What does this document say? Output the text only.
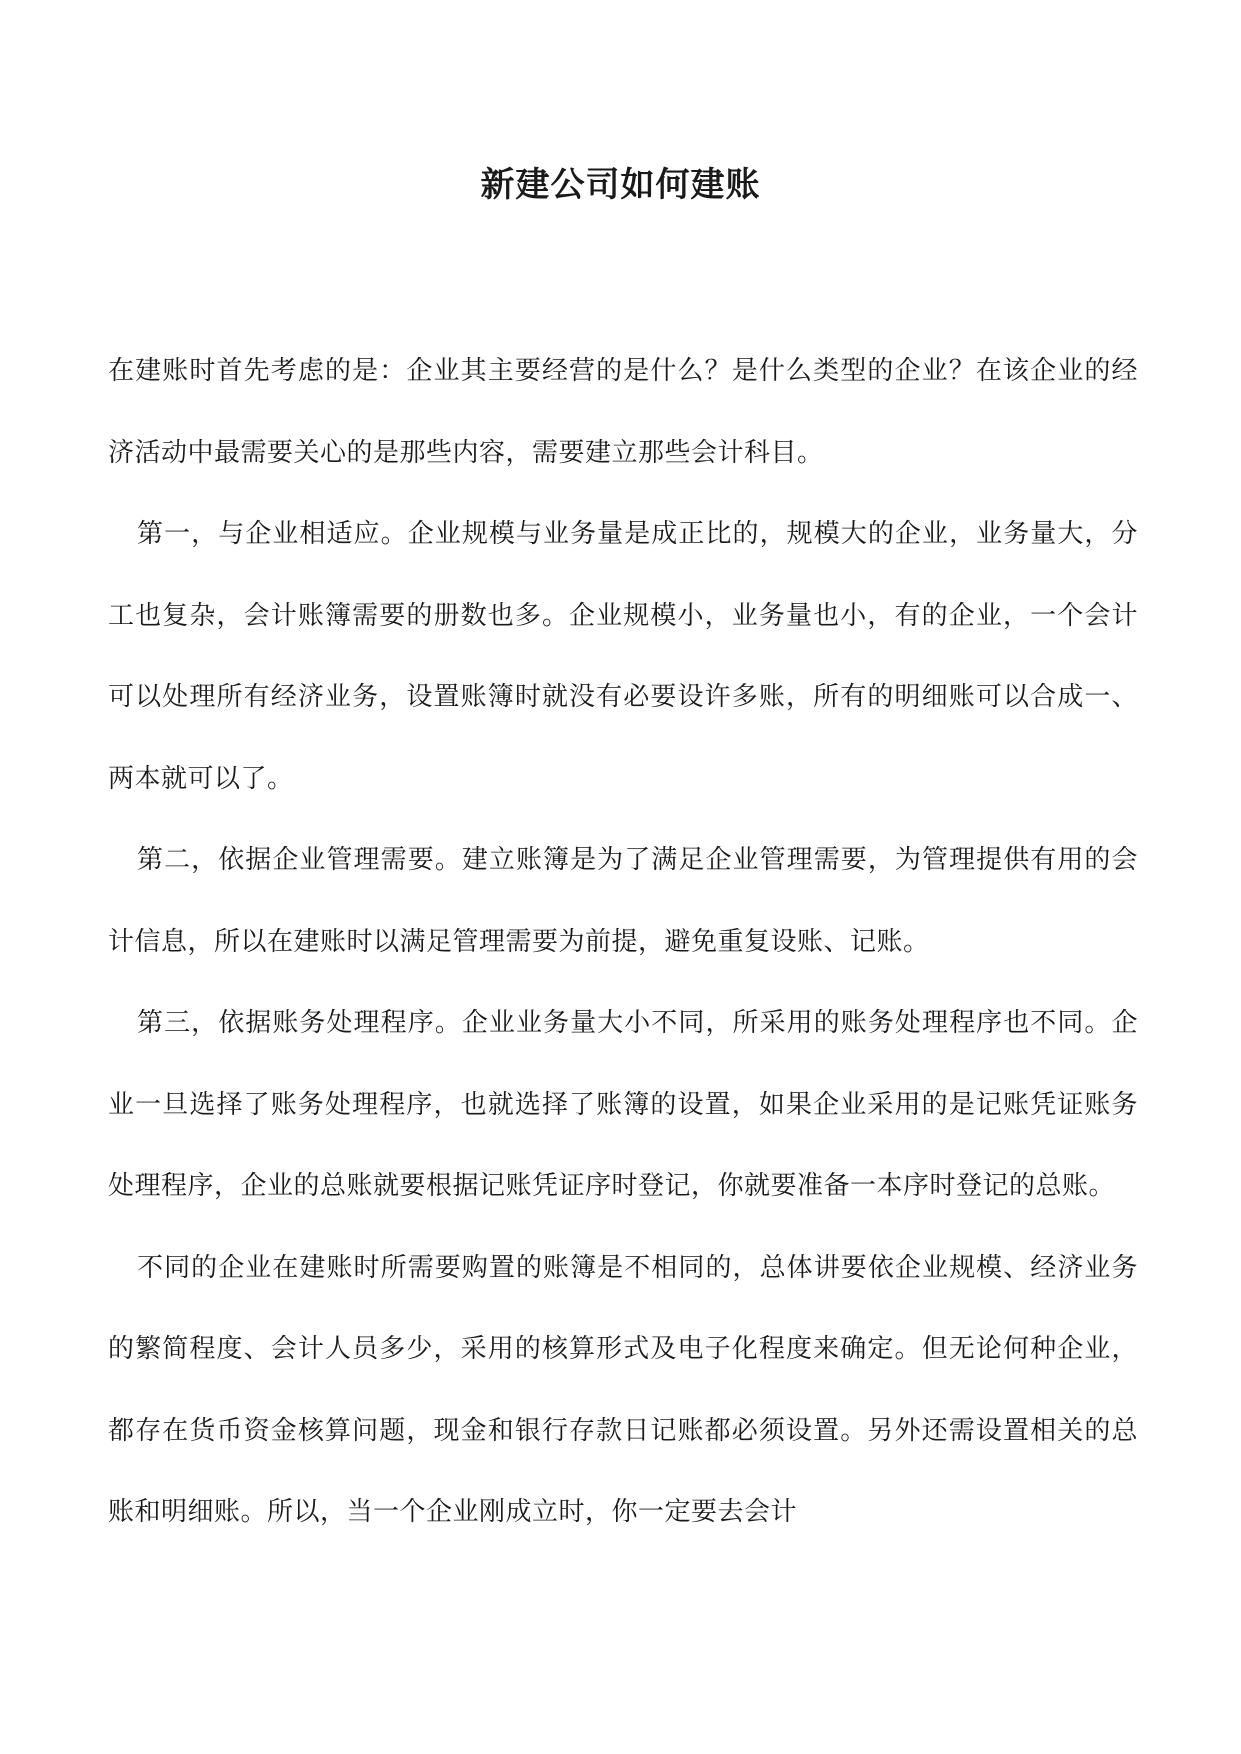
新建公司如何建账

在建账时首先考虑的是：企业其主要经营的是什么？是什么类型的企业？在该企业的经济活动中最需要关心的是那些内容，需要建立那些会计科目。

第一，与企业相适应。企业规模与业务量是成正比的，规模大的企业，业务量大，分工也复杂，会计账簿需要的册数也多。企业规模小，业务量也小，有的企业，一个会计可以处理所有经济业务，设置账簿时就没有必要设许多账，所有的明细账可以合成一、两本就可以了。

第二，依据企业管理需要。建立账簿是为了满足企业管理需要，为管理提供有用的会计信息，所以在建账时以满足管理需要为前提，避免重复设账、记账。

第三，依据账务处理程序。企业业务量大小不同，所采用的账务处理程序也不同。企业一旦选择了账务处理程序，也就选择了账簿的设置，如果企业采用的是记账凭证账务处理程序，企业的总账就要根据记账凭证序时登记，你就要准备一本序时登记的总账。

不同的企业在建账时所需要购置的账簿是不相同的，总体讲要依企业规模、经济业务的繁简程度、会计人员多少，采用的核算形式及电子化程度来确定。但无论何种企业，都存在货币资金核算问题，现金和银行存款日记账都必须设置。另外还需设置相关的总账和明细账。所以，当一个企业刚成立时，你一定要去会计
